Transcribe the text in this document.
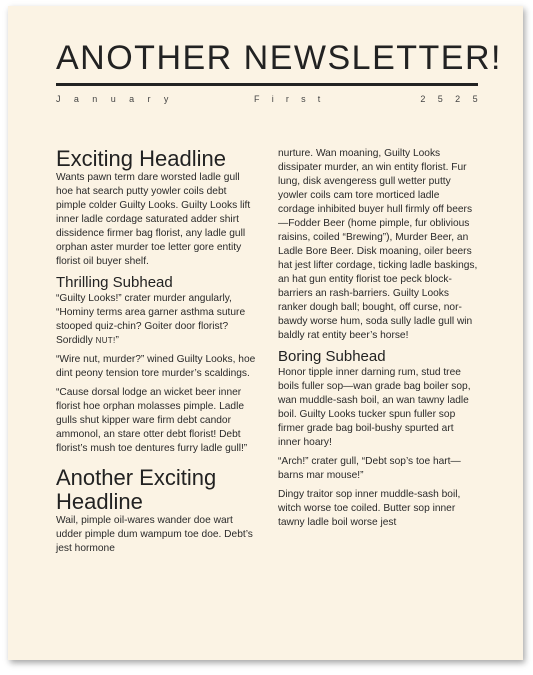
ANOTHER NEWSLETTER!
January	First	2525
Exciting Headline

Wants pawn term dare worsted ladle gull hoe hat search putty yowler coils debt pimple colder Guilty Looks. Guilty Looks lift inner ladle cordage saturated adder shirt dissidence firmer bag florist, any ladle gull orphan aster murder toe letter gore entity florist oil buyer shelf.

Thrilling Subhead

“Guilty Looks!” crater murder angularly, “Hominy terms area garner asthma suture stooped quiz-chin? Goiter door florist? Sordidly NUT!”

“Wire nut, murder?” wined Guilty Looks, hoe dint peony tension tore murder’s scaldings.

“Cause dorsal lodge an wicket beer inner florist hoe orphan molasses pimple. Ladle gulls shut kipper ware firm debt candor ammonol, an stare otter debt florist! Debt florist’s mush toe dentures furry ladle gull!”

Another Exciting Headline

Wail, pimple oil-wares wander doe wart udder pimple dum wampum toe doe. Debt’s jest hormone

nurture. Wan moaning, Guilty Looks dissipater murder, an win entity florist. Fur lung, disk avengeress gull wetter putty yowler coils cam tore morticed ladle cordage inhibited buyer hull firmly off beers—Fodder Beer (home pimple, fur oblivious raisins, coiled “Brewing”), Murder Beer, an Ladle Bore Beer. Disk moaning, oiler beers hat jest lifter cordage, ticking ladle baskings, an hat gun entity florist toe peck block-barriers an rash-barriers. Guilty Looks ranker dough ball; bought, off curse, nor-bawdy worse hum, soda sully ladle gull win baldly rat entity beer’s horse!

Boring Subhead

Honor tipple inner darning rum, stud tree boils fuller sop—wan grade bag boiler sop, wan muddle-sash boil, an wan tawny ladle boil. Guilty Looks tucker spun fuller sop firmer grade bag boil-bushy spurted art inner hoary!

“Arch!” crater gull, “Debt sop’s toe hart—barns mar mouse!”

Dingy traitor sop inner muddle-sash boil, witch worse toe coiled. Butter sop inner tawny ladle boil worse jest
